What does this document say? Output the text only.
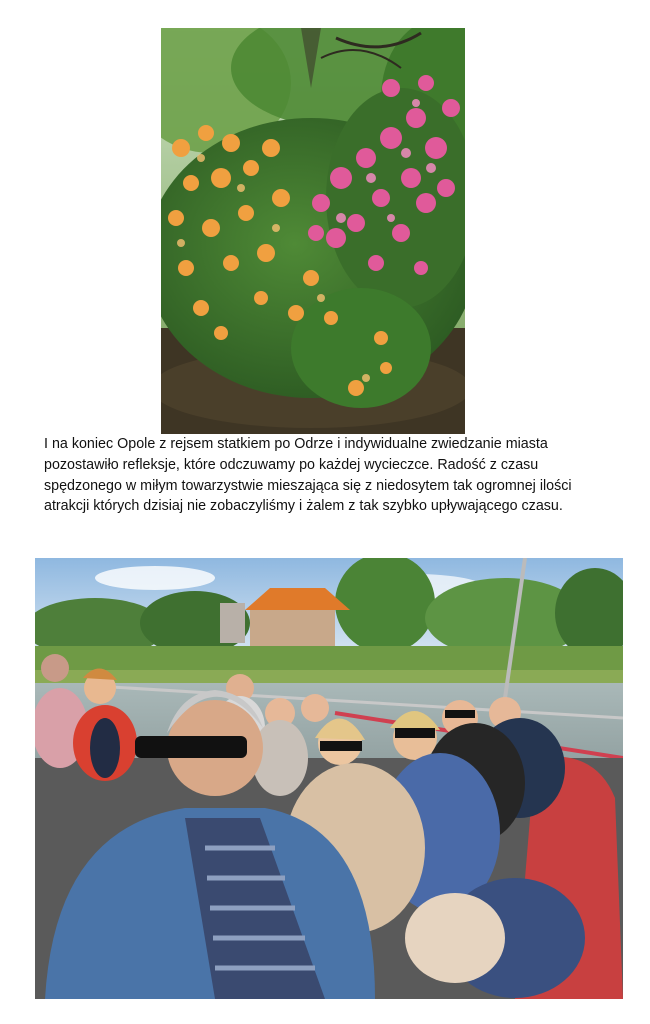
I na koniec Opole z rejsem statkiem po Odrze i indywidualne zwiedzanie miasta
pozostawiło refleksje, które odczuwamy po każdej wycieczce. Radość z czasu
spędzonego w miłym towarzystwie mieszająca się z niedosytem tak ogromnej ilości
atrakcji których dzisiaj nie zobaczyliśmy i żalem z tak szybko upływającego czasu.
